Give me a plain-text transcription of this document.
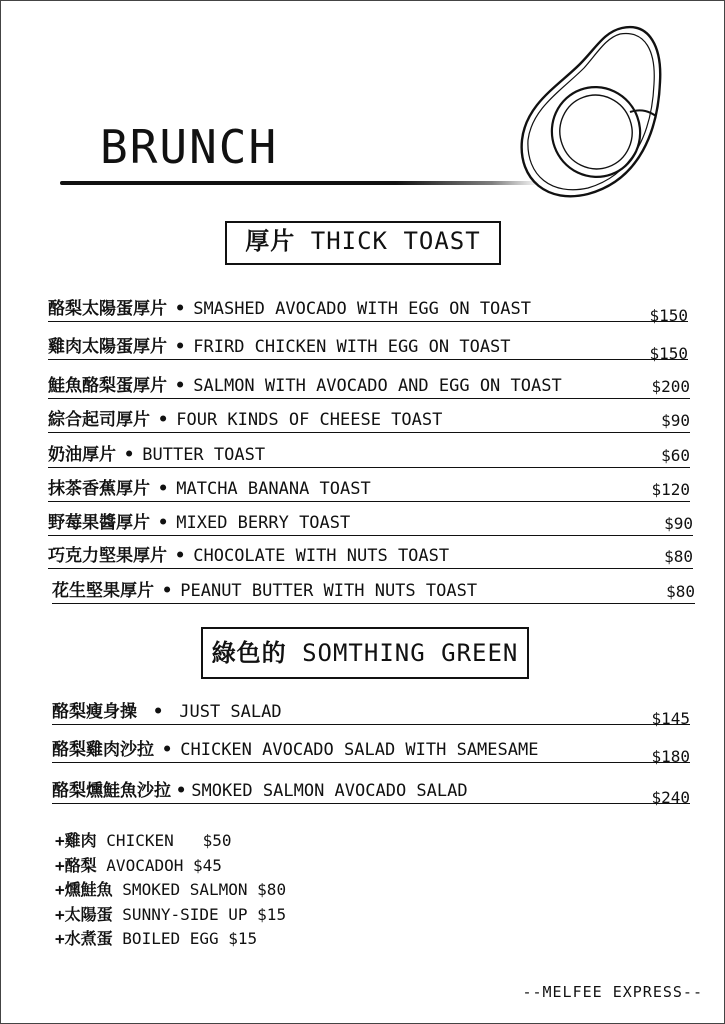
BRUNCH
厚片 THICK TOAST
酪梨太陽蛋厚片 • SMASHED AVOCADO WITH EGG ON TOAST	$150
雞肉太陽蛋厚片 • FRIRD CHICKEN WITH EGG ON TOAST	$150
鮭魚酪梨蛋厚片 • SALMON WITH AVOCADO AND EGG ON TOAST	$200
綜合起司厚片 • FOUR KINDS OF CHEESE TOAST	$90
奶油厚片 • BUTTER TOAST	$60
抹茶香蕉厚片 • MATCHA BANANA TOAST	$120
野莓果醬厚片 • MIXED BERRY TOAST	$90
巧克力堅果厚片 • CHOCOLATE WITH NUTS TOAST	$80
花生堅果厚片 • PEANUT BUTTER WITH NUTS TOAST	$80
綠色的 SOMTHING GREEN
酪梨瘦身操 • JUST SALAD	$145
酪梨雞肉沙拉 • CHICKEN AVOCADO SALAD WITH SAMESAME	$180
酪梨燻鮭魚沙拉 • SMOKED SALMON AVOCADO SALAD	$240
+雞肉 CHICKEN $50
+酪梨 AVOCADOH $45
+燻鮭魚 SMOKED SALMON $80
+太陽蛋 SUNNY-SIDE UP $15
+水煮蛋 BOILED EGG $15
--MELFEE EXPRESS--
